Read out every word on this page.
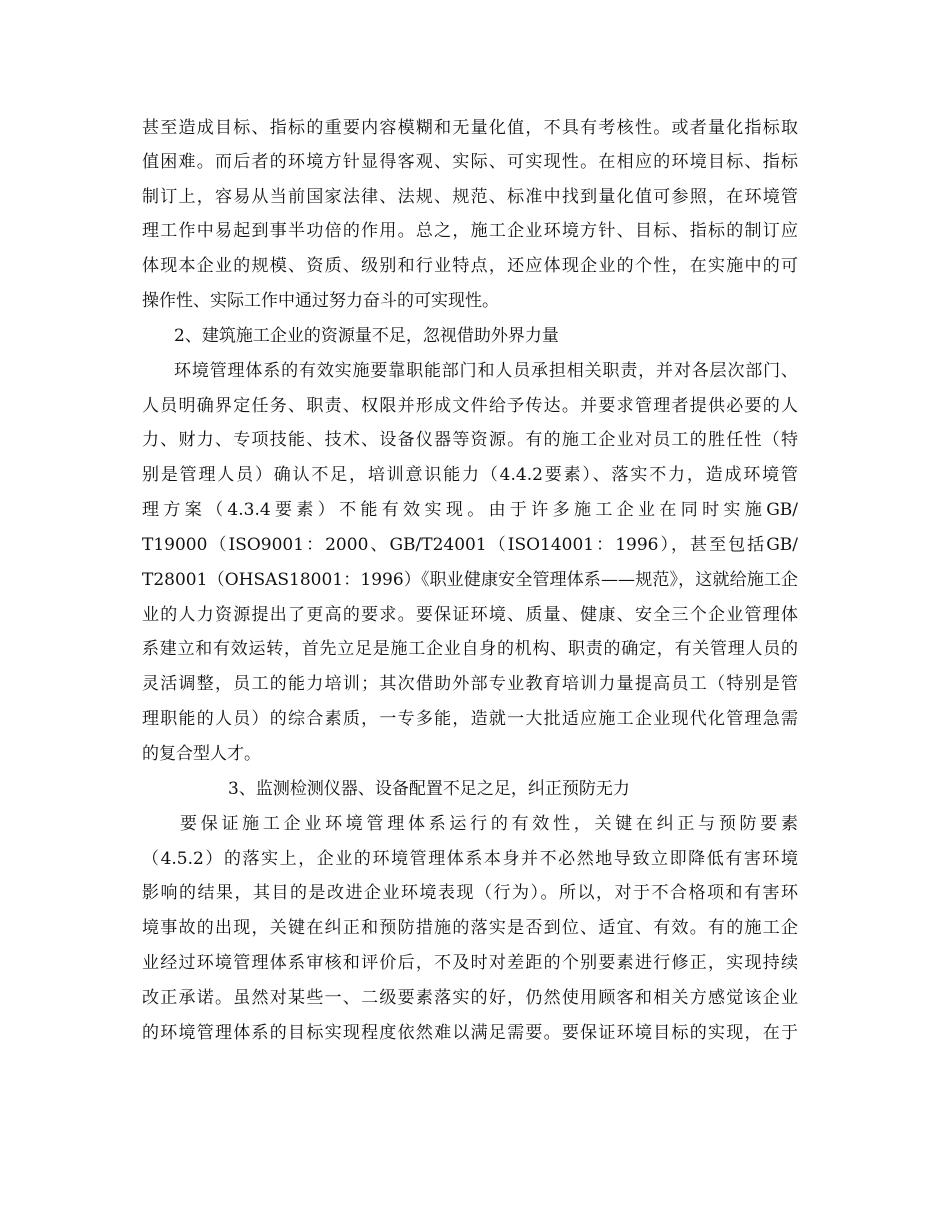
甚至造成目标、指标的重要内容模糊和无量化值，不具有考核性。或者量化指标取
值困难。而后者的环境方针显得客观、实际、可实现性。在相应的环境目标、指标
制订上，容易从当前国家法律、法规、规范、标准中找到量化值可参照，在环境管
理工作中易起到事半功倍的作用。总之，施工企业环境方针、目标、指标的制订应
体现本企业的规模、资质、级别和行业特点，还应体现企业的个性，在实施中的可
操作性、实际工作中通过努力奋斗的可实现性。
2、建筑施工企业的资源量不足，忽视借助外界力量
环境管理体系的有效实施要靠职能部门和人员承担相关职责，并对各层次部门、
人员明确界定任务、职责、权限并形成文件给予传达。并要求管理者提供必要的人
力、财力、专项技能、技术、设备仪器等资源。有的施工企业对员工的胜任性（特
别是管理人员）确认不足，培训意识能力（4.4.2要素）、落实不力，造成环境管
理方案（4.3.4要素）不能有效实现。由于许多施工企业在同时实施GB/
T19000（ISO9001：2000、GB/T24001（ISO14001：1996），甚至包括GB/
T28001（OHSAS18001：1996）《职业健康安全管理体系——规范》，这就给施工企
业的人力资源提出了更高的要求。要保证环境、质量、健康、安全三个企业管理体
系建立和有效运转，首先立足是施工企业自身的机构、职责的确定，有关管理人员的
灵活调整，员工的能力培训；其次借助外部专业教育培训力量提高员工（特别是管
理职能的人员）的综合素质，一专多能，造就一大批适应施工企业现代化管理急需
的复合型人才。
3、监测检测仪器、设备配置不足之足，纠正预防无力
要保证施工企业环境管理体系运行的有效性，关键在纠正与预防要素
（4.5.2）的落实上，企业的环境管理体系本身并不必然地导致立即降低有害环境
影响的结果，其目的是改进企业环境表现（行为）。所以，对于不合格项和有害环
境事故的出现，关键在纠正和预防措施的落实是否到位、适宜、有效。有的施工企
业经过环境管理体系审核和评价后，不及时对差距的个别要素进行修正，实现持续
改正承诺。虽然对某些一、二级要素落实的好，仍然使用顾客和相关方感觉该企业
的环境管理体系的目标实现程度依然难以满足需要。要保证环境目标的实现，在于
